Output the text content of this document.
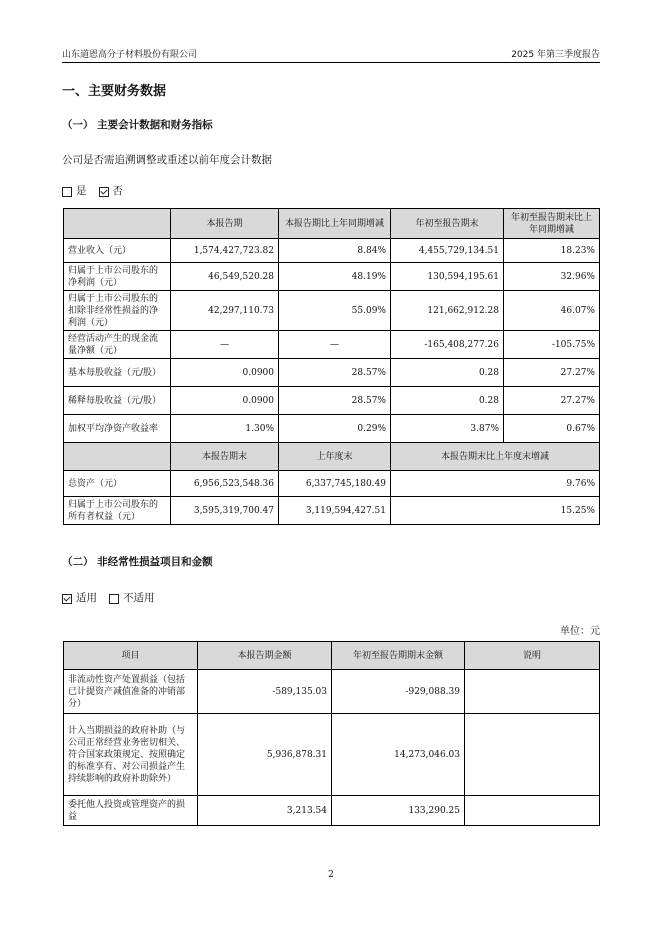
山东道恩高分子材料股份有限公司	2025 年第三季度报告
一、主要财务数据
（一） 主要会计数据和财务指标
公司是否需追溯调整或重述以前年度会计数据
是 否
	本报告期	本报告期比上年同期增减	年初至报告期末	年初至报告期末比上年同期增减
营业收入（元）	1,574,427,723.82	8.84%	4,455,729,134.51	18.23%
归属于上市公司股东的净利润（元）	46,549,520.28	48.19%	130,594,195.61	32.96%
归属于上市公司股东的扣除非经常性损益的净利润（元）	42,297,110.73	55.09%	121,662,912.28	46.07%
经营活动产生的现金流量净额（元）	—	—	-165,408,277.26	-105.75%
基本每股收益（元/股）	0.0900	28.57%	0.28	27.27%
稀释每股收益（元/股）	0.0900	28.57%	0.28	27.27%
加权平均净资产收益率	1.30%	0.29%	3.87%	0.67%
	本报告期末	上年度末	本报告期末比上年度末增减	
总资产（元）	6,956,523,548.36	6,337,745,180.49	9.76%	
归属于上市公司股东的所有者权益（元）	3,595,319,700.47	3,119,594,427.51	15.25%	
（二） 非经常性损益项目和金额
适用 不适用
单位：元
项目	本报告期金额	年初至报告期期末金额	说明
非流动性资产处置损益（包括已计提资产减值准备的冲销部分）	-589,135.03	-929,088.39	
计入当期损益的政府补助（与公司正常经营业务密切相关、符合国家政策规定、按照确定的标准享有、对公司损益产生持续影响的政府补助除外）	5,936,878.31	14,273,046.03	
委托他人投资或管理资产的损益	3,213.54	133,290.25	
2
